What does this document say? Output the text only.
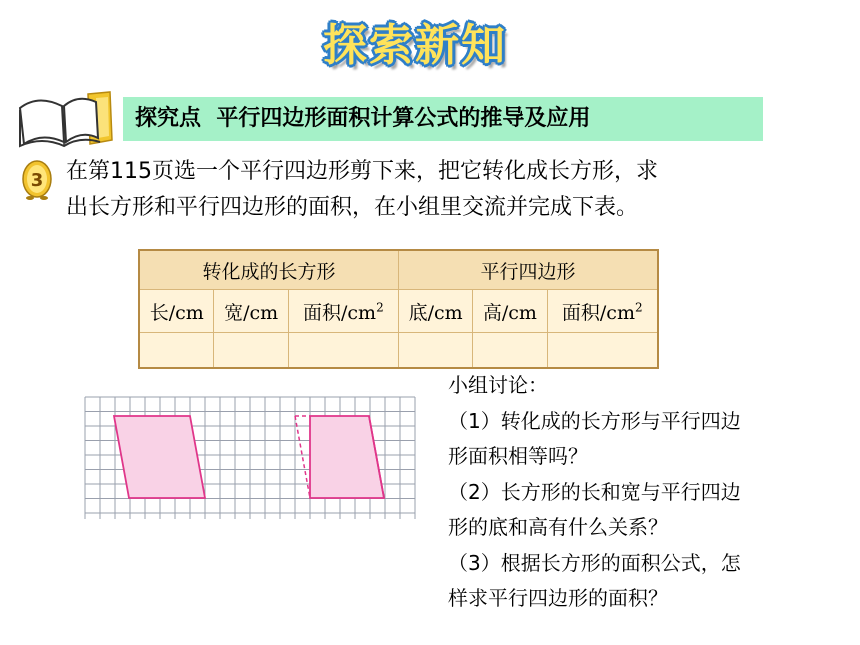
探索新知
探究点  平行四边形面积计算公式的推导及应用
3 在第115页选一个平行四边形剪下来，把它转化成长方形，求
出长方形和平行四边形的面积，在小组里交流并完成下表。
转化成的长方形			平行四边形		
长/cm	宽/cm	面积$/cm^2$	底/cm	高/cm	面积$/cm^2$

小组讨论：
（1）转化成的长方形与平行四边
形面积相等吗？
（2）长方形的长和宽与平行四边
形的底和高有什么关系？
（3）根据长方形的面积公式，怎
样求平行四边形的面积？
